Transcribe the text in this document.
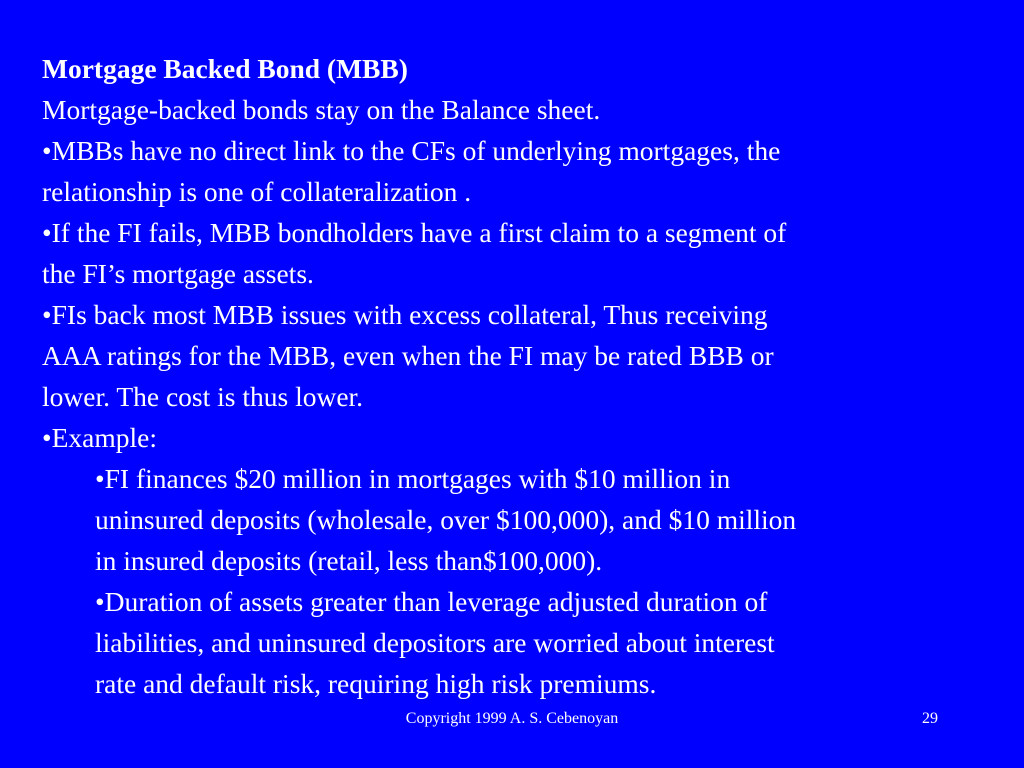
Mortgage Backed Bond (MBB)
Mortgage-backed bonds stay on the Balance sheet.
•MBBs have no direct link to the CFs of underlying mortgages, the
relationship is one of collateralization .
•If the FI fails, MBB bondholders have a first claim to a segment of
the FI’s mortgage assets.
•FIs back most MBB issues with excess collateral, Thus receiving
AAA ratings for the MBB, even when the FI may be rated BBB or
lower. The cost is thus lower.
•Example:
•FI finances $20 million in mortgages with $10 million in
uninsured deposits (wholesale, over $100,000), and $10 million
in insured deposits (retail, less than$100,000).
•Duration of assets greater than leverage adjusted duration of
liabilities, and uninsured depositors are worried about interest
rate and default risk, requiring high risk premiums.
Copyright 1999 A. S. Cebenoyan	29
